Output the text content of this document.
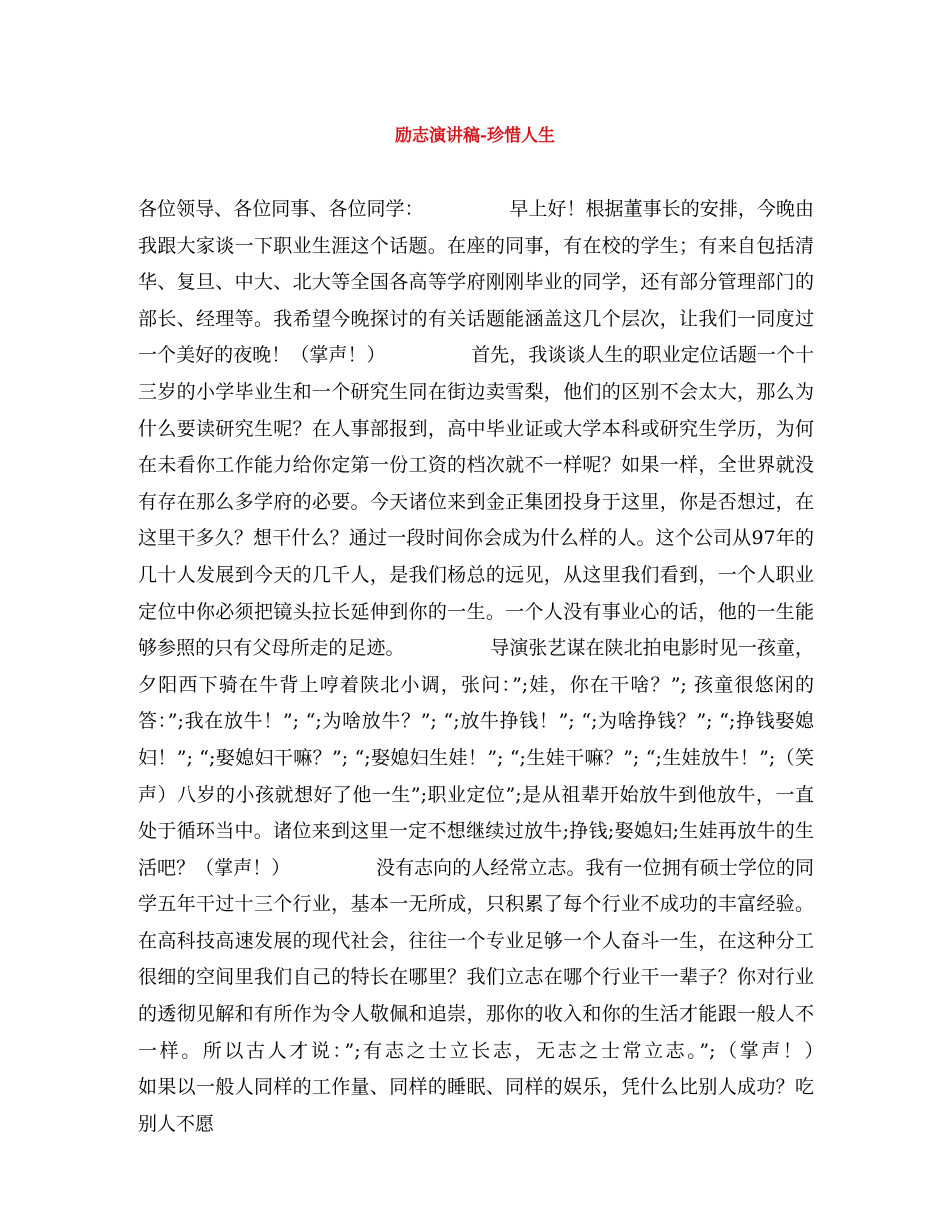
励志演讲稿-珍惜人生

各位领导、各位同事、各位同学：　　　　　早上好！根据董事长的安排，今晚由我跟大家谈一下职业生涯这个话题。在座的同事，有在校的学生；有来自包括清华、复旦、中大、北大等全国各高等学府刚刚毕业的同学，还有部分管理部门的部长、经理等。我希望今晚探讨的有关话题能涵盖这几个层次，让我们一同度过一个美好的夜晚！（掌声！）　　　　　首先，我谈谈人生的职业定位话题一个十三岁的小学毕业生和一个研究生同在街边卖雪梨，他们的区别不会太大，那么为什么要读研究生呢？在人事部报到，高中毕业证或大学本科或研究生学历，为何在未看你工作能力给你定第一份工资的档次就不一样呢？如果一样，全世界就没有存在那么多学府的必要。今天诸位来到金正集团投身于这里，你是否想过，在这里干多久？想干什么？通过一段时间你会成为什么样的人。这个公司从97年的几十人发展到今天的几千人，是我们杨总的远见，从这里我们看到，一个人职业定位中你必须把镜头拉长延伸到你的一生。一个人没有事业心的话，他的一生能够参照的只有父母所走的足迹。　　　　　导演张艺谋在陕北拍电影时见一孩童，夕阳西下骑在牛背上哼着陕北小调，张问：”;娃，你在干啥？”; 孩童很悠闲的答：”;我在放牛！”; “;为啥放牛？”; “;放牛挣钱！”; “;为啥挣钱？”; “;挣钱娶媳妇！”; “;娶媳妇干嘛？”; “;娶媳妇生娃！”; “;生娃干嘛？”; “;生娃放牛！”;（笑声）八岁的小孩就想好了他一生”;职业定位”;是从祖辈开始放牛到他放牛，一直处于循环当中。诸位来到这里一定不想继续过放牛;挣钱;娶媳妇;生娃再放牛的生活吧？（掌声！）　　　　　没有志向的人经常立志。我有一位拥有硕士学位的同学五年干过十三个行业，基本一无所成，只积累了每个行业不成功的丰富经验。在高科技高速发展的现代社会，往往一个专业足够一个人奋斗一生，在这种分工很细的空间里我们自己的特长在哪里？我们立志在哪个行业干一辈子？你对行业的透彻见解和有所作为令人敬佩和追崇，那你的收入和你的生活才能跟一般人不一样。所以古人才说：”;有志之士立长志，无志之士常立志。”;（掌声！）　　　　　如果以一般人同样的工作量、同样的睡眠、同样的娱乐，凭什么比别人成功？吃别人不愿
